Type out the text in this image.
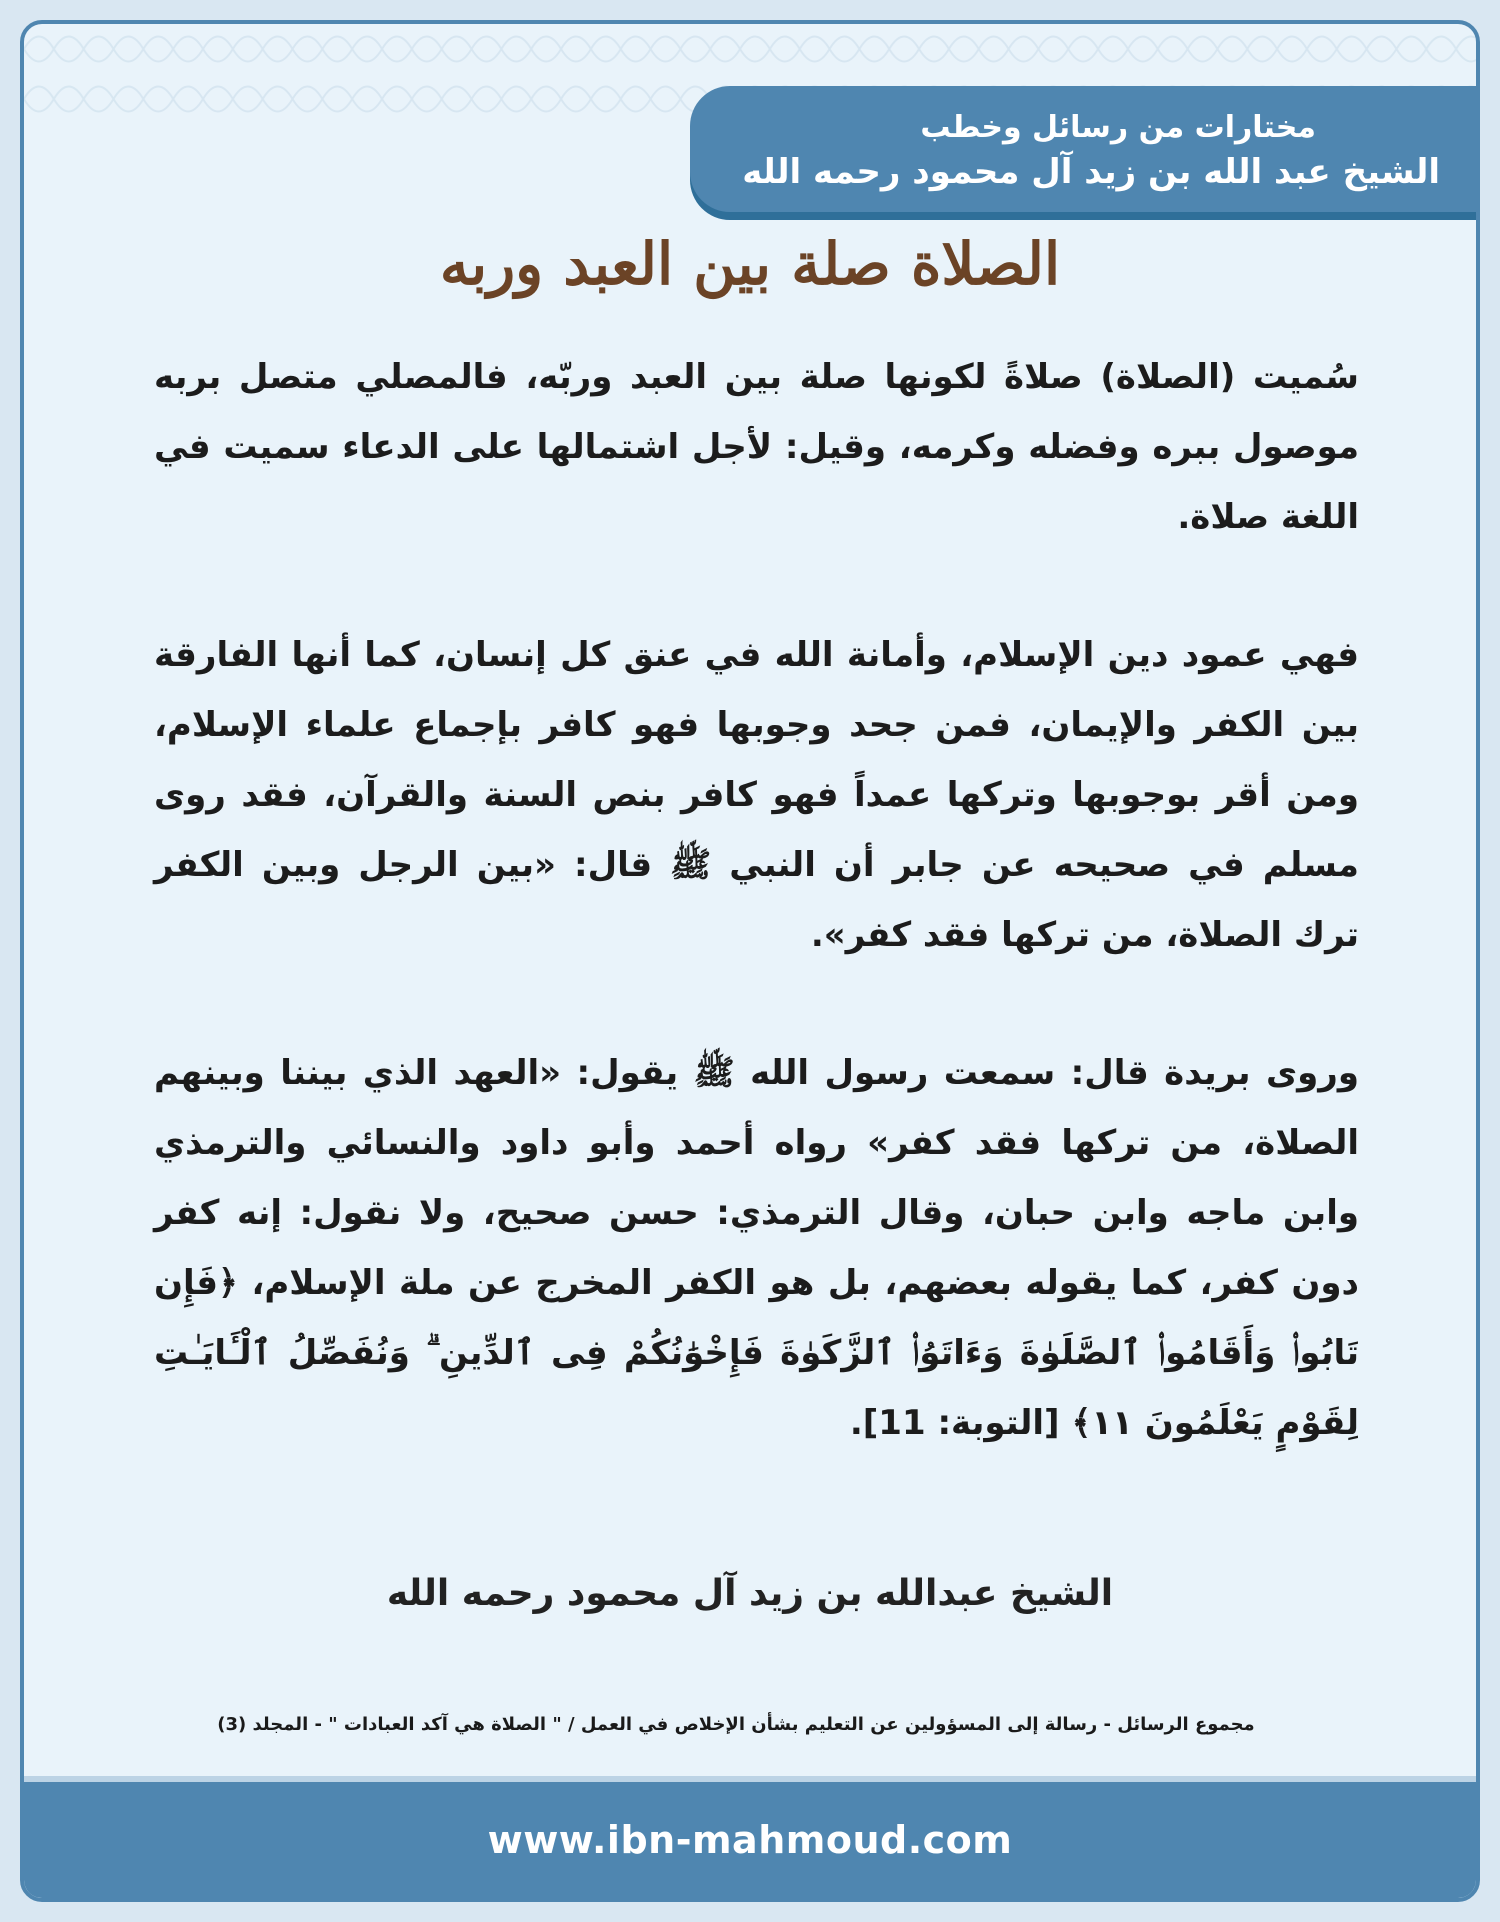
مختارات من رسائل وخطب
الشيخ عبد الله بن زيد آل محمود رحمه الله
الصلاة صلة بين العبد وربه

سُميت (الصلاة) صلاةً لكونها صلة بين العبد وربّه، فالمصلي متصل بربه موصول ببره وفضله وكرمه، وقيل: لأجل اشتمالها على الدعاء سميت في اللغة صلاة.

فهي عمود دين الإسلام، وأمانة الله في عنق كل إنسان، كما أنها الفارقة بين الكفر والإيمان، فمن جحد وجوبها فهو كافر بإجماع علماء الإسلام، ومن أقر بوجوبها وتركها عمداً فهو كافر بنص السنة والقرآن، فقد روى مسلم في صحيحه عن جابر أن النبي ﷺ قال: «بين الرجل وبين الكفر ترك الصلاة، من تركها فقد كفر».

وروى بريدة قال: سمعت رسول الله ﷺ يقول: «العهد الذي بيننا وبينهم الصلاة، من تركها فقد كفر» رواه أحمد وأبو داود والنسائي والترمذي وابن ماجه وابن حبان، وقال الترمذي: حسن صحيح، ولا نقول: إنه كفر دون كفر، كما يقوله بعضهم، بل هو الكفر المخرج عن ملة الإسلام، ﴿فَإِن تَابُوا۟ وَأَقَامُوا۟ ٱلصَّلَوٰةَ وَءَاتَوُا۟ ٱلزَّكَوٰةَ فَإِخْوَٰنُكُمْ فِى ٱلدِّينِ ۗ وَنُفَصِّلُ ٱلْـَٔايَـٰتِ لِقَوْمٍ يَعْلَمُونَ ١١﴾ [التوبة: 11].

الشيخ عبدالله بن زيد آل محمود رحمه الله

مجموع الرسائل - رسالة إلى المسؤولين عن التعليم بشأن الإخلاص في العمل / " الصلاة هي آكد العبادات " - المجلد (3)

www.ibn-mahmoud.com
